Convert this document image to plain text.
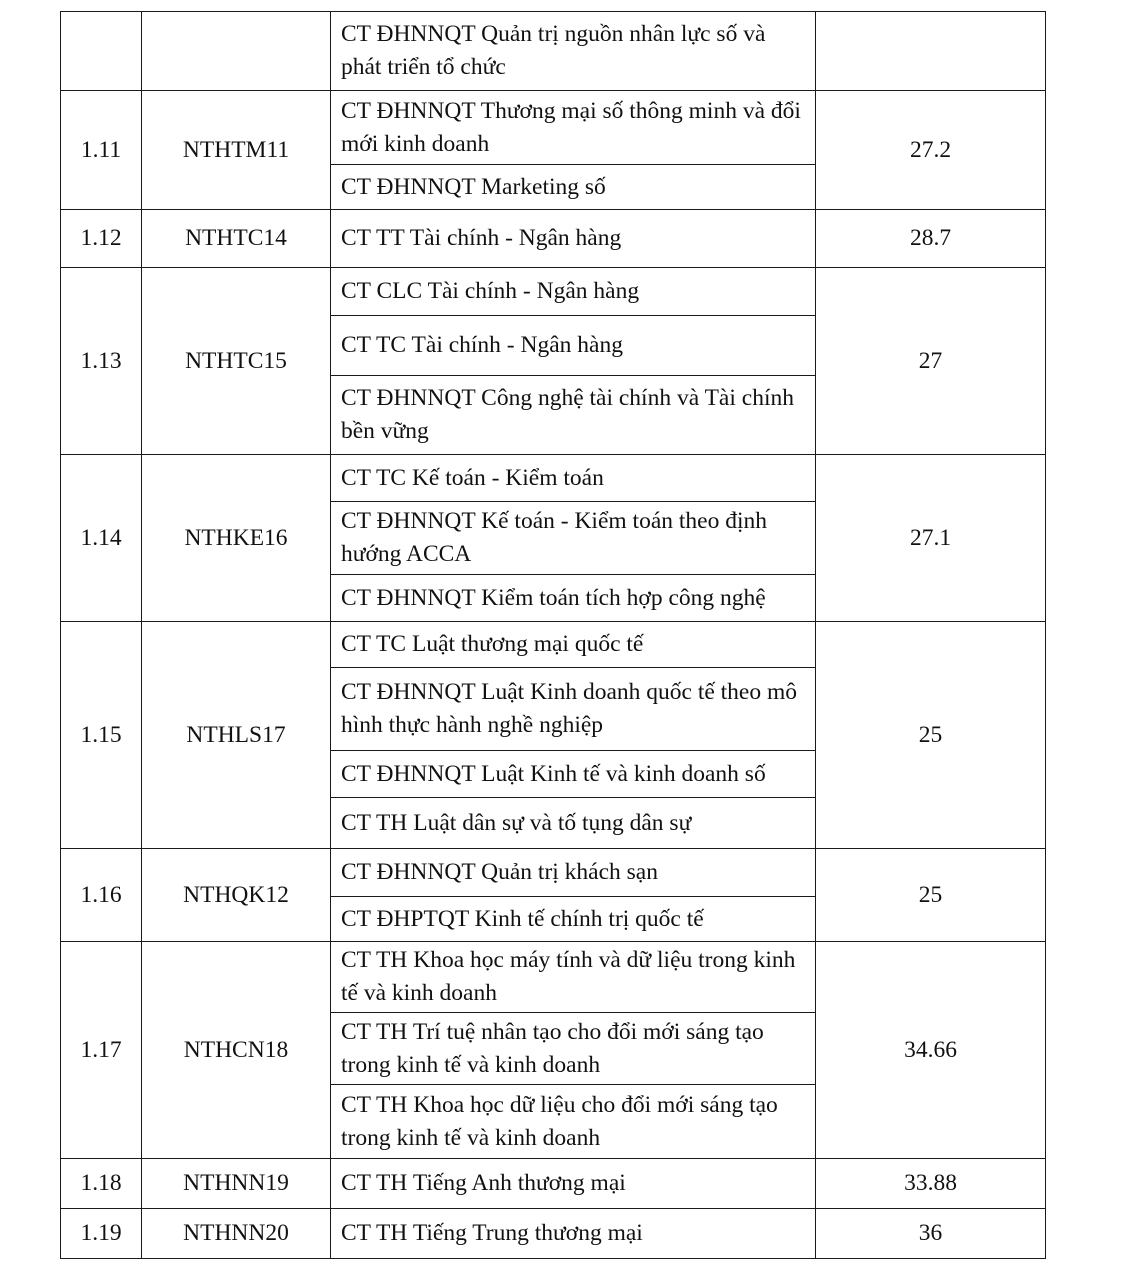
		CT ĐHNNQT Quản trị nguồn nhân lực số và phát triển tổ chức	
1.11	NTHTM11	CT ĐHNNQT Thương mại số thông minh và đổi mới kinh doanh	27.2
		CT ĐHNNQT Marketing số	
1.12	NTHTC14	CT TT Tài chính - Ngân hàng	28.7
1.13	NTHTC15	CT CLC Tài chính - Ngân hàng	27
		CT TC Tài chính - Ngân hàng	
		CT ĐHNNQT Công nghệ tài chính và Tài chính bền vững	
1.14	NTHKE16	CT TC Kế toán - Kiểm toán	27.1
		CT ĐHNNQT Kế toán - Kiểm toán theo định hướng ACCA	
		CT ĐHNNQT Kiểm toán tích hợp công nghệ	
1.15	NTHLS17	CT TC Luật thương mại quốc tế	25
		CT ĐHNNQT Luật Kinh doanh quốc tế theo mô hình thực hành nghề nghiệp	
		CT ĐHNNQT Luật Kinh tế và kinh doanh số	
		CT TH Luật dân sự và tố tụng dân sự	
1.16	NTHQK12	CT ĐHNNQT Quản trị khách sạn	25
		CT ĐHPTQT Kinh tế chính trị quốc tế	
1.17	NTHCN18	CT TH Khoa học máy tính và dữ liệu trong kinh tế và kinh doanh	34.66
		CT TH Trí tuệ nhân tạo cho đổi mới sáng tạo trong kinh tế và kinh doanh	
		CT TH Khoa học dữ liệu cho đổi mới sáng tạo trong kinh tế và kinh doanh	
1.18	NTHNN19	CT TH Tiếng Anh thương mại	33.88
1.19	NTHNN20	CT TH Tiếng Trung thương mại	36
